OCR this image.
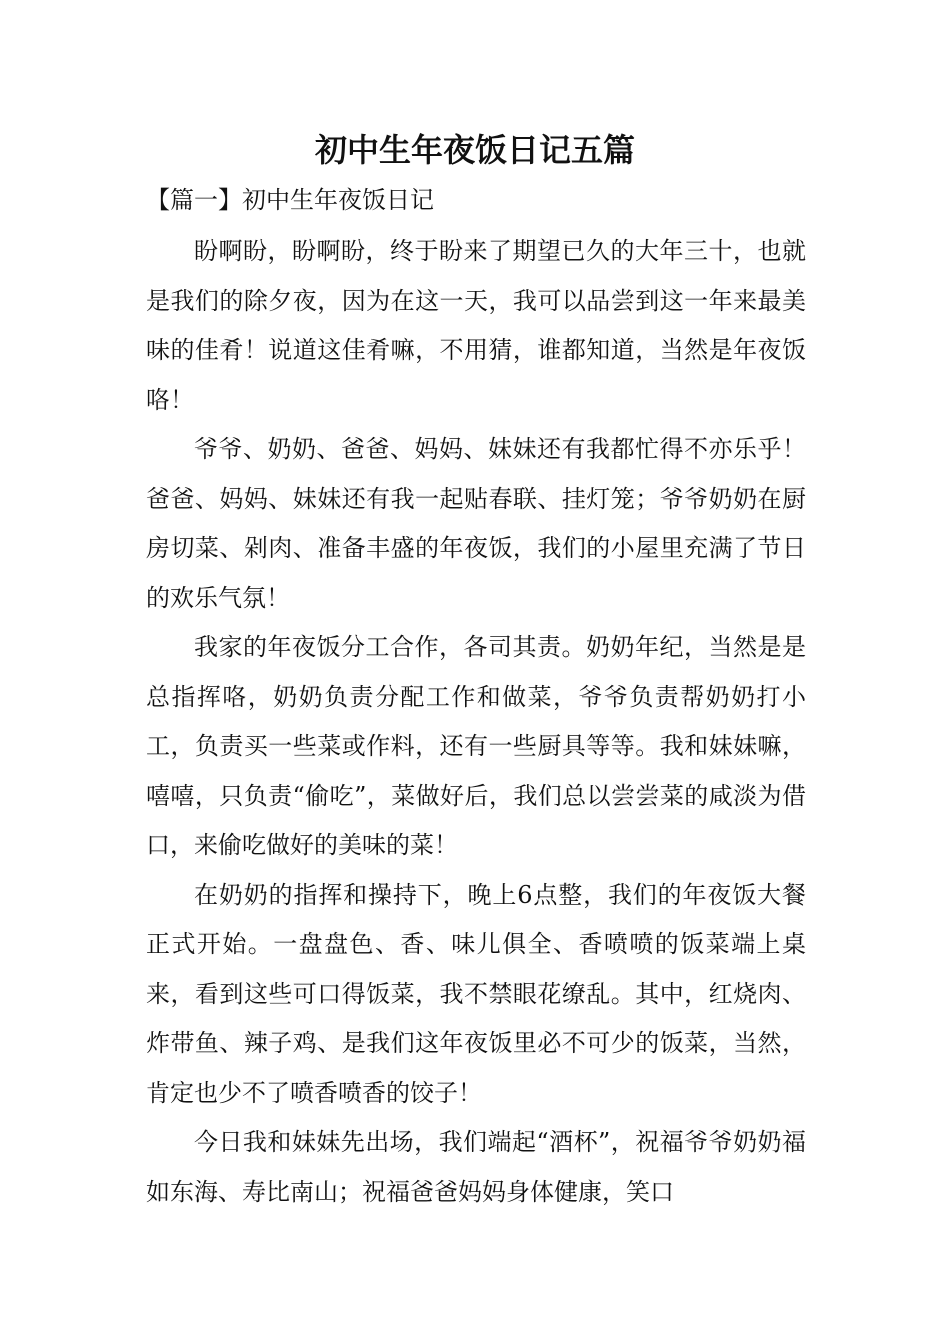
初中生年夜饭日记五篇
【篇一】初中生年夜饭日记

盼啊盼，盼啊盼，终于盼来了期望已久的大年三十，也就是我们的除夕夜，因为在这一天，我可以品尝到这一年来最美味的佳肴！说道这佳肴嘛，不用猜，谁都知道，当然是年夜饭咯！

爷爷、奶奶、爸爸、妈妈、妹妹还有我都忙得不亦乐乎！爸爸、妈妈、妹妹还有我一起贴春联、挂灯笼；爷爷奶奶在厨房切菜、剁肉、准备丰盛的年夜饭，我们的小屋里充满了节日的欢乐气氛！

我家的年夜饭分工合作，各司其责。奶奶年纪，当然是是总指挥咯，奶奶负责分配工作和做菜，爷爷负责帮奶奶打小工，负责买一些菜或作料，还有一些厨具等等。我和妹妹嘛，嘻嘻，只负责“偷吃”，菜做好后，我们总以尝尝菜的咸淡为借口，来偷吃做好的美味的菜！

在奶奶的指挥和操持下，晚上6点整，我们的年夜饭大餐正式开始。一盘盘色、香、味儿俱全、香喷喷的饭菜端上桌来，看到这些可口得饭菜，我不禁眼花缭乱。其中，红烧肉、炸带鱼、辣子鸡、是我们这年夜饭里必不可少的饭菜，当然，肯定也少不了喷香喷香的饺子！

今日我和妹妹先出场，我们端起“酒杯”，祝福爷爷奶奶福如东海、寿比南山；祝福爸爸妈妈身体健康，笑口
